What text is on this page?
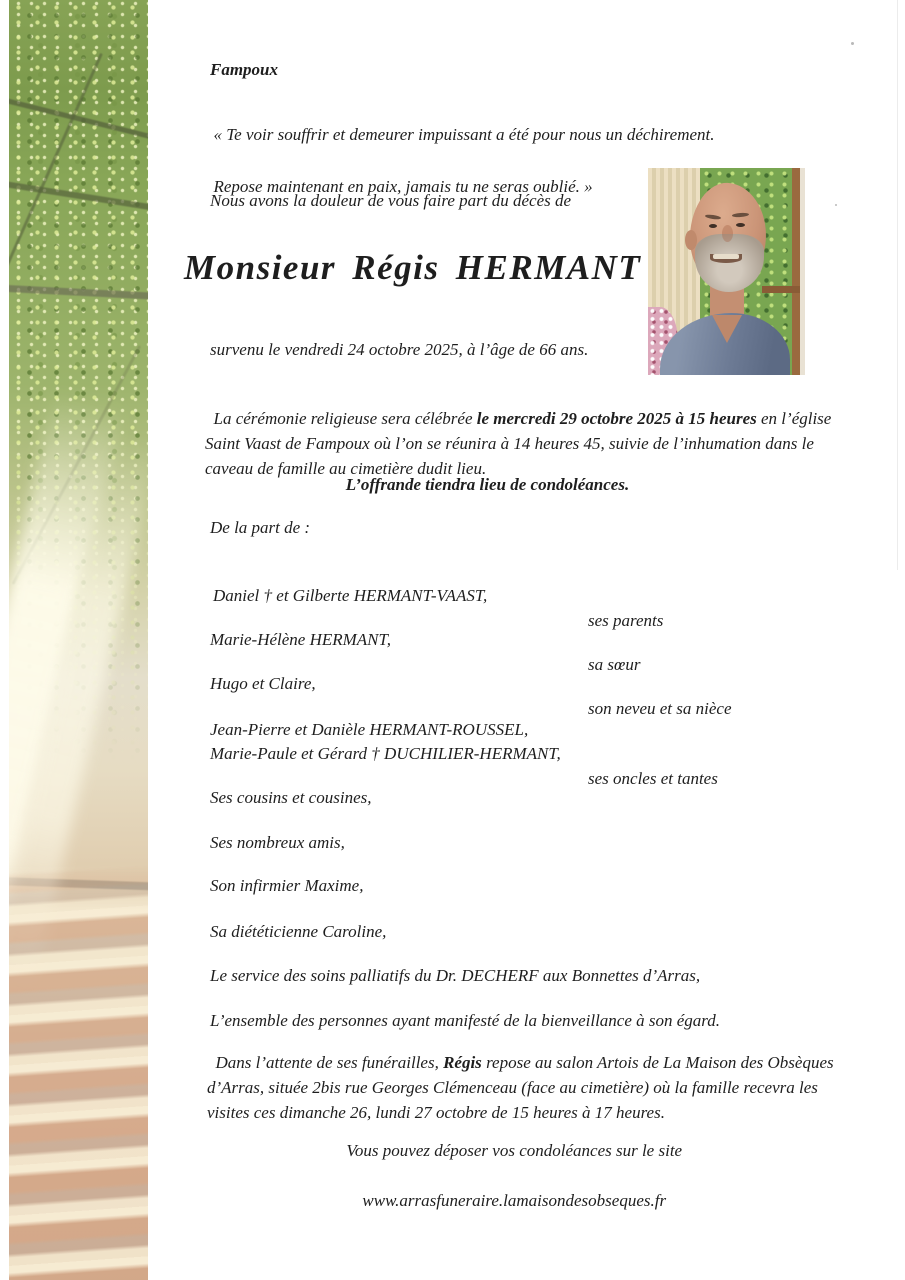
Fampoux

« Te voir souffrir et demeurer impuissant a été pour nous un déchirement.

Repose maintenant en paix, jamais tu ne seras oublié. »

Nous avons la douleur de vous faire part du décès de
Monsieur Régis HERMANT
survenu le vendredi 24 octobre 2025, à l’âge de 66 ans.

La cérémonie religieuse sera célébrée le mercredi 29 octobre 2025 à 15 heures en l’église Saint Vaast de Fampoux où l’on se réunira à 14 heures 45, suivie de l’inhumation dans le caveau de famille au cimetière dudit lieu.

L’offrande tiendra lieu de condoléances.
De la part de :

Daniel † et Gilberte HERMANT-VAAST,

ses parents

Marie-Hélène HERMANT,

sa sœur

Hugo et Claire,

son neveu et sa nièce

Jean-Pierre et Danièle HERMANT-ROUSSEL,

Marie-Paule et Gérard † DUCHILIER-HERMANT,

ses oncles et tantes

Ses cousins et cousines,

Ses nombreux amis,

Son infirmier Maxime,

Sa diététicienne Caroline,

Le service des soins palliatifs du Dr. DECHERF aux Bonnettes d’Arras,

L’ensemble des personnes ayant manifesté de la bienveillance à son égard.

Dans l’attente de ses funérailles, Régis repose au salon Artois de La Maison des Obsèques d’Arras, située 2bis rue Georges Clémenceau (face au cimetière) où la famille recevra les visites ces dimanche 26, lundi 27 octobre de 15 heures à 17 heures.

Vous pouvez déposer vos condoléances sur le site

www.arrasfuneraire.lamaisondesobseques.fr
